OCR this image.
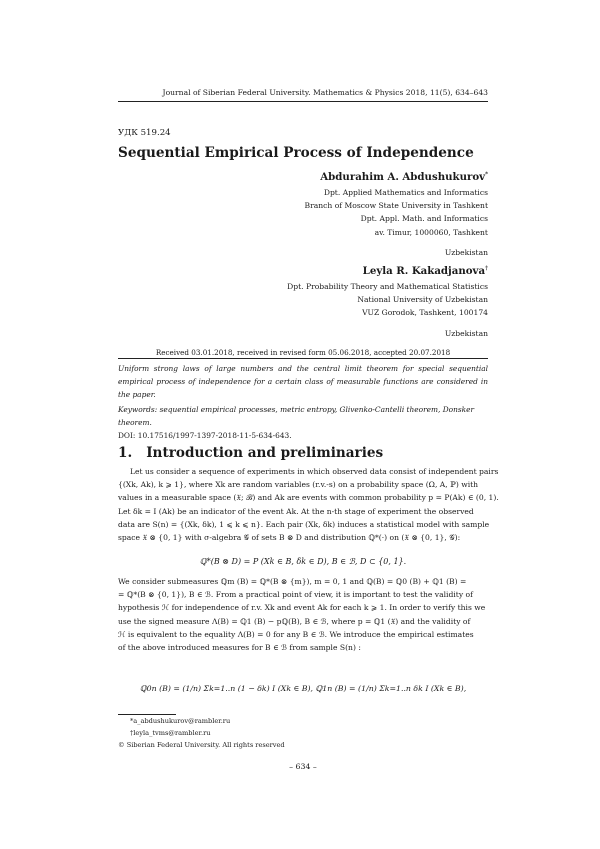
Journal of Siberian Federal University. Mathematics & Physics 2018, 11(5), 634–643
УДК 519.24
Sequential Empirical Process of Independence
Abdurahim A. Abdushukurov*
Dpt. Applied Mathematics and Informatics
Branch of Moscow State University in Tashkent
Dpt. Appl. Math. and Informatics
av. Timur, 1000060, Tashkent
Uzbekistan
Leyla R. Kakadjanova†
Dpt. Probability Theory and Mathematical Statistics
National University of Uzbekistan
VUZ Gorodok, Tashkent, 100174
Uzbekistan
Received 03.01.2018, received in revised form 05.06.2018, accepted 20.07.2018
Uniform strong laws of large numbers and the central limit theorem for special sequential empirical process of independence for a certain class of measurable functions are considered in the paper.
Keywords: sequential empirical processes, metric entropy, Glivenko-Cantelli theorem, Donsker theorem.
DOI: 10.17516/1997-1397-2018-11-5-634-643.
1. Introduction and preliminaries
Let us consider a sequence of experiments in which observed data consist of independent pairs
{(Xk, Ak), k ⩾ 1}, where Xk are random variables (r.v.-s) on a probability space (Ω, A, ℙ) with
values in a measurable space (𝔛; ℬ) and Ak are events with common probability p = P(Ak) ∈ (0, 1).
Let δk = I (Ak) be an indicator of the event Ak. At the n-th stage of experiment the observed
data are S(n) = {(Xk, δk), 1 ⩽ k ⩽ n}. Each pair (Xk, δk) induces a statistical model with sample
space 𝔛 ⊗ {0, 1} with σ-algebra 𝒢 of sets B ⊗ D and distribution ℚ*(·) on (𝔛 ⊗ {0, 1}, 𝒢):
ℚ*(B ⊗ D) = P (Xk ∈ B, δk ∈ D), B ∈ ℬ, D ⊂ {0, 1}.
We consider submeasures ℚm (B) = ℚ*(B ⊗ {m}), m = 0, 1 and ℚ(B) = ℚ0 (B) + ℚ1 (B) =
= ℚ*(B ⊗ {0, 1}), B ∈ ℬ. From a practical point of view, it is important to test the validity of
hypothesis ℋ for independence of r.v. Xk and event Ak for each k ⩾ 1. In order to verify this we
use the signed measure Λ(B) = ℚ1 (B) − pℚ(B), B ∈ ℬ, where p = ℚ1 (𝔛) and the validity of
ℋ is equivalent to the equality Λ(B) = 0 for any B ∈ ℬ. We introduce the empirical estimates
of the above introduced measures for B ∈ ℬ from sample S(n) :
ℚ0n (B) = (1/n) Σk=1..n (1 − δk) I (Xk ∈ B), ℚ1n (B) = (1/n) Σk=1..n δk I (Xk ∈ B),
*a_abdushukurov@rambler.ru
†leyla_tvms@rambler.ru
© Siberian Federal University. All rights reserved
– 634 –
